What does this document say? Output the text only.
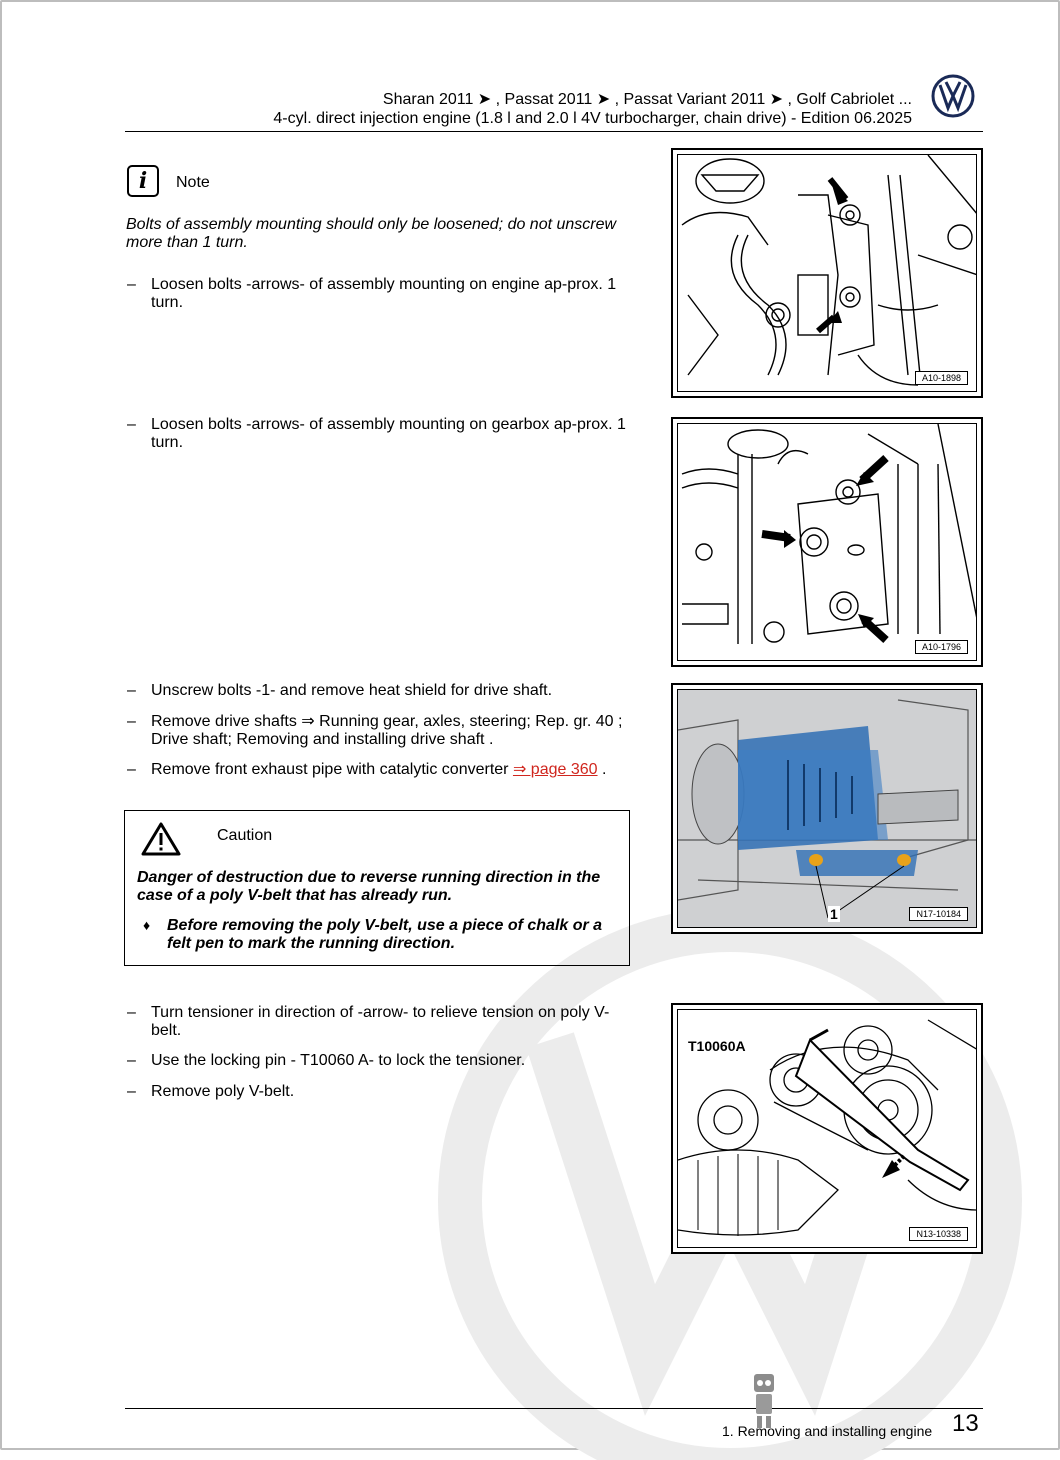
Sharan 2011 ➤ , Passat 2011 ➤ , Passat Variant 2011 ➤ , Golf Cabriolet ...
4-cyl. direct injection engine (1.8 l and 2.0 l 4V turbocharger, chain drive) - Edition 06.2025
i	Note
Bolts of assembly mounting should only be loosened; do not unscrew more than 1 turn.
– Loosen bolts -arrows- of assembly mounting on engine ap-prox. 1 turn.
– Loosen bolts -arrows- of assembly mounting on gearbox ap-prox. 1 turn.
– Unscrew bolts -1- and remove heat shield for drive shaft.
– Remove drive shafts ⇒ Running gear, axles, steering; Rep. gr. 40 ; Drive shaft; Removing and installing drive shaft .
– Remove front exhaust pipe with catalytic converter ⇒ page 360 .
Caution
Danger of destruction due to reverse running direction in the case of a poly V-belt that has already run.
♦ Before removing the poly V-belt, use a piece of chalk or a felt pen to mark the running direction.
– Turn tensioner in direction of -arrow- to relieve tension on poly V-belt.
– Use the locking pin - T10060 A- to lock the tensioner.
– Remove poly V-belt.
A10-1898
A10-1796
1	N17-10184
T10060A
N13-10338
1. Removing and installing engine 13
